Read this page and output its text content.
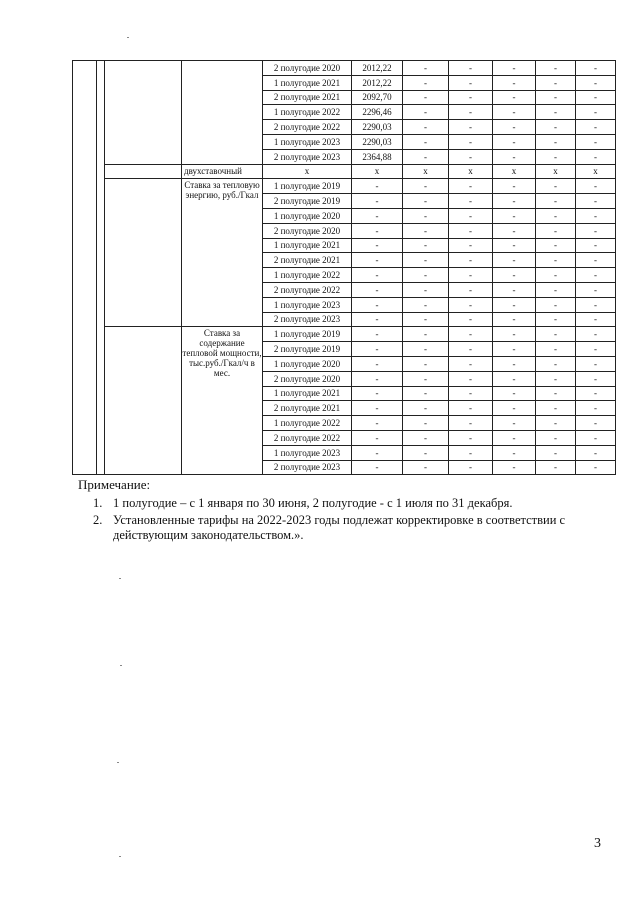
				2 полугодие 2020	2012,22	-	-	-	-	-	
				1 полугодие 2021	2012,22	-	-	-	-	-	
				2 полугодие 2021	2092,70	-	-	-	-	-	
				1 полугодие 2022	2296,46	-	-	-	-	-	
				2 полугодие 2022	2290,03	-	-	-	-	-	
				1 полугодие 2023	2290,03	-	-	-	-	-	
				2 полугодие 2023	2364,88	-	-	-	-	-	
			двухставочный	х	х	х	х	х	х	х	
			Ставка за тепловую энергию, руб./Гкал	1 полугодие 2019	-	-	-	-	-	-	
				2 полугодие 2019	-	-	-	-	-	-	
				1 полугодие 2020	-	-	-	-	-	-	
				2 полугодие 2020	-	-	-	-	-	-	
				1 полугодие 2021	-	-	-	-	-	-	
				2 полугодие 2021	-	-	-	-	-	-	
				1 полугодие 2022	-	-	-	-	-	-	
				2 полугодие 2022	-	-	-	-	-	-	
				1 полугодие 2023	-	-	-	-	-	-	
				2 полугодие 2023	-	-	-	-	-	-	
			Ставка за содержание тепловой мощности, тыс.руб./Гкал/ч в мес.	1 полугодие 2019	-	-	-	-	-	-	
				2 полугодие 2019	-	-	-	-	-	-	
				1 полугодие 2020	-	-	-	-	-	-	
				2 полугодие 2020	-	-	-	-	-	-	
				1 полугодие 2021	-	-	-	-	-	-	
				2 полугодие 2021	-	-	-	-	-	-	
				1 полугодие 2022	-	-	-	-	-	-	
				2 полугодие 2022	-	-	-	-	-	-	
				1 полугодие 2023	-	-	-	-	-	-	
				2 полугодие 2023	-	-	-	-	-	-	
Примечание:
1. 1 полугодие – с 1 января по 30 июня, 2 полугодие - с 1 июля по 31 декабря.
2. Установленные тарифы на 2022-2023 годы подлежат корректировке в соответствии с действующим законодательством.».
3
